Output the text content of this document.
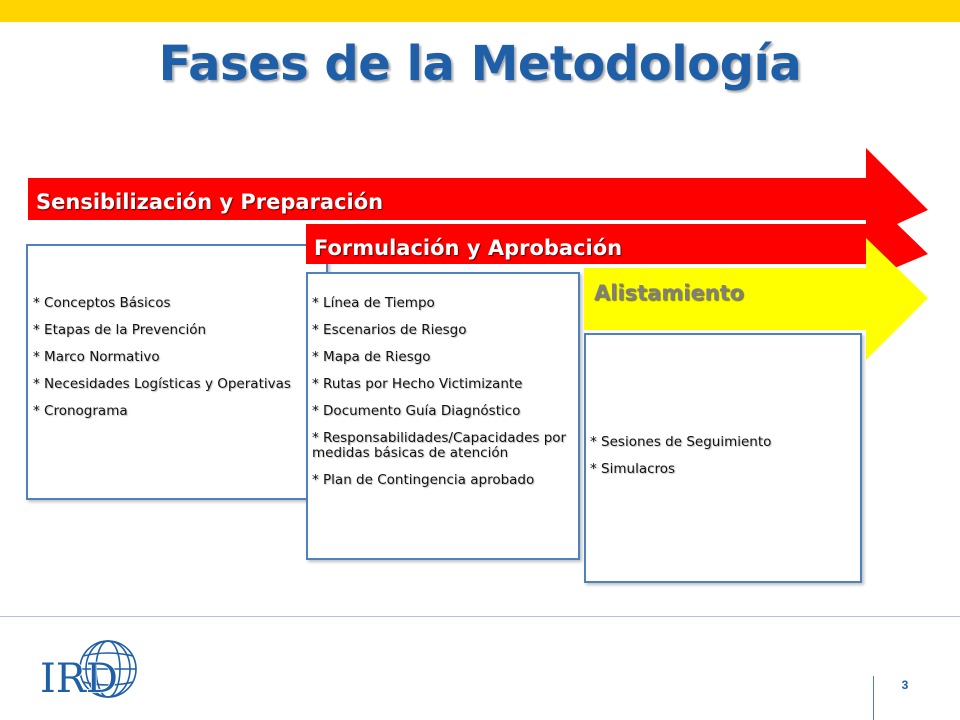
Fases de la Metodología
Sensibilización y Preparación
* Conceptos Básicos
* Etapas de la Prevención
* Marco Normativo
* Necesidades Logísticas y Operativas
* Cronograma
Formulación y Aprobación
* Línea de Tiempo
* Escenarios de Riesgo
* Mapa de Riesgo
* Rutas por Hecho Victimizante
* Documento Guía Diagnóstico
* Responsabilidades/Capacidades por medidas básicas de atención
* Plan de Contingencia aprobado
Alistamiento
* Sesiones de Seguimiento
* Simulacros
IRD	3
